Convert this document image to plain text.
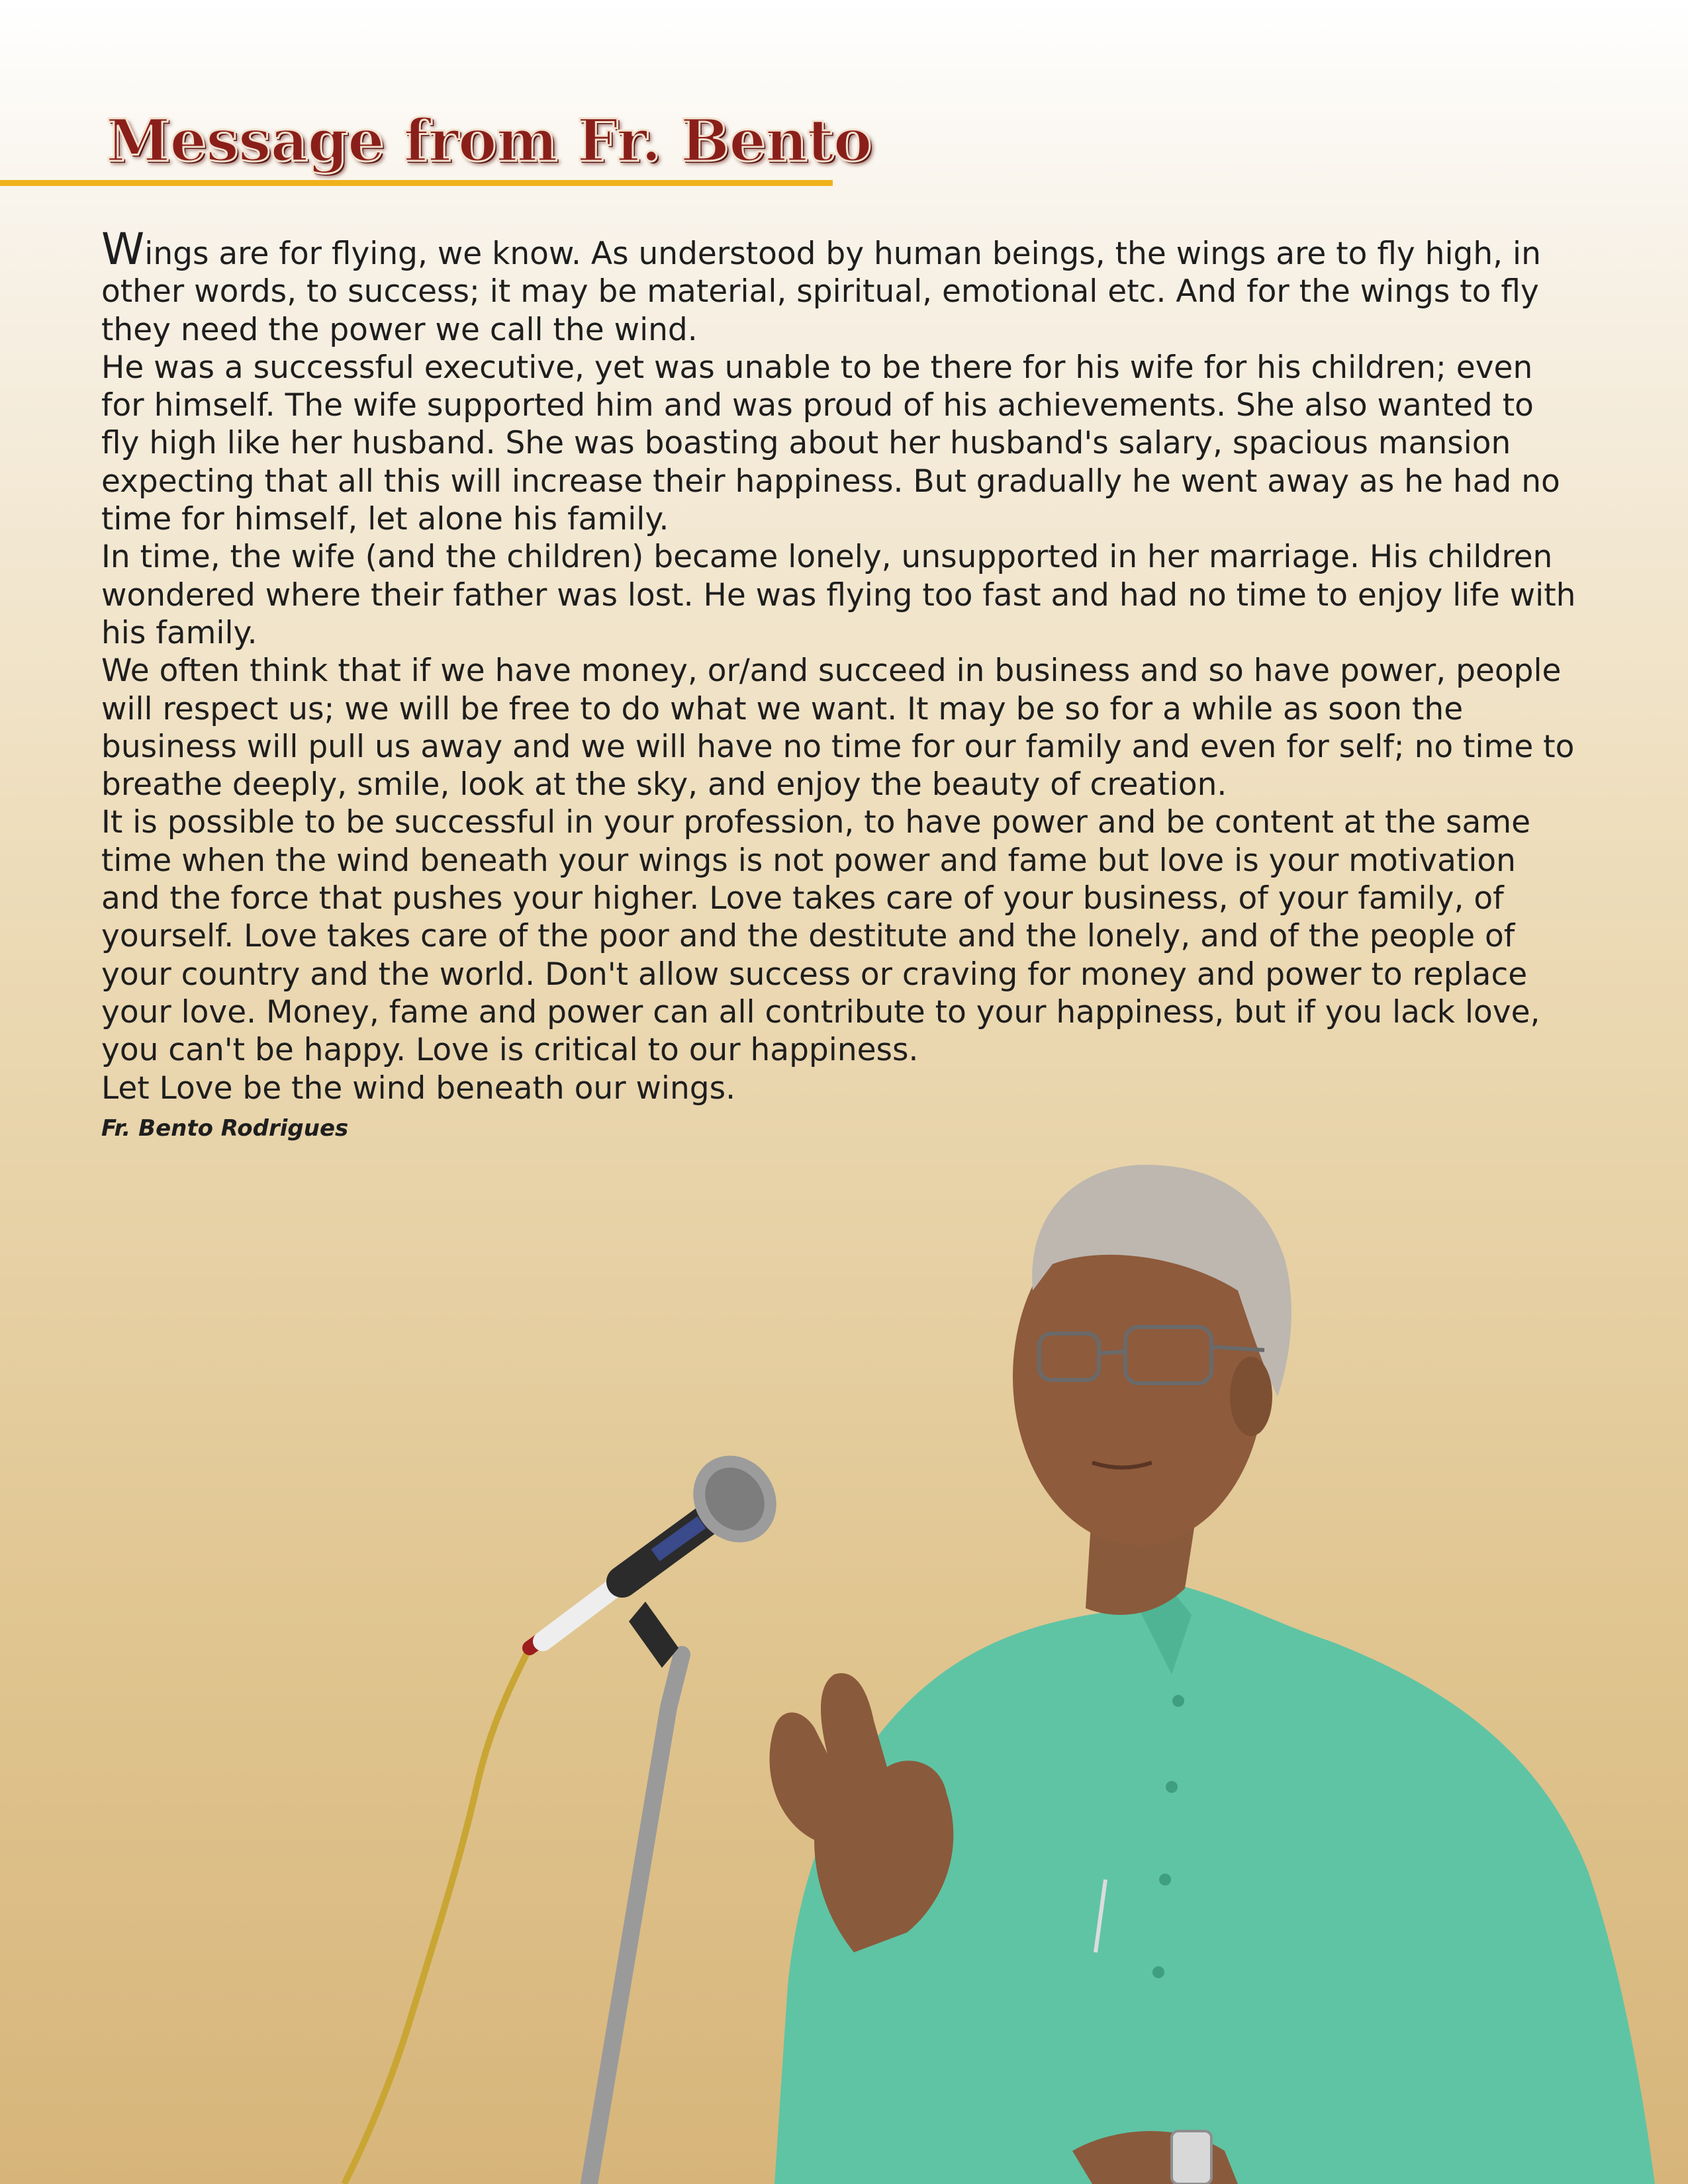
Message from Fr. Bento

Wings are for flying, we know. As understood by human beings, the wings are to fly high, in other words, to success; it may be material, spiritual, emotional etc. And for the wings to fly they need the power we call the wind.

He was a successful executive, yet was unable to be there for his wife for his children; even for himself. The wife supported him and was proud of his achievements. She also wanted to fly high like her husband. She was boasting about her husband's salary, spacious mansion expecting that all this will increase their happiness. But gradually he went away as he had no time for himself, let alone his family.

In time, the wife (and the children) became lonely, unsupported in her marriage. His children wondered where their father was lost. He was flying too fast and had no time to enjoy life with his family.

We often think that if we have money, or/and succeed in business and so have power, people will respect us; we will be free to do what we want. It may be so for a while as soon the business will pull us away and we will have no time for our family and even for self; no time to breathe deeply, smile, look at the sky, and enjoy the beauty of creation.

It is possible to be successful in your profession, to have power and be content at the same time when the wind beneath your wings is not power and fame but love is your motivation and the force that pushes your higher. Love takes care of your business, of your family, of yourself. Love takes care of the poor and the destitute and the lonely, and of the people of your country and the world. Don't allow success or craving for money and power to replace your love. Money, fame and power can all contribute to your happiness, but if you lack love, you can't be happy. Love is critical to our happiness.

Let Love be the wind beneath our wings.

Fr. Bento Rodrigues
